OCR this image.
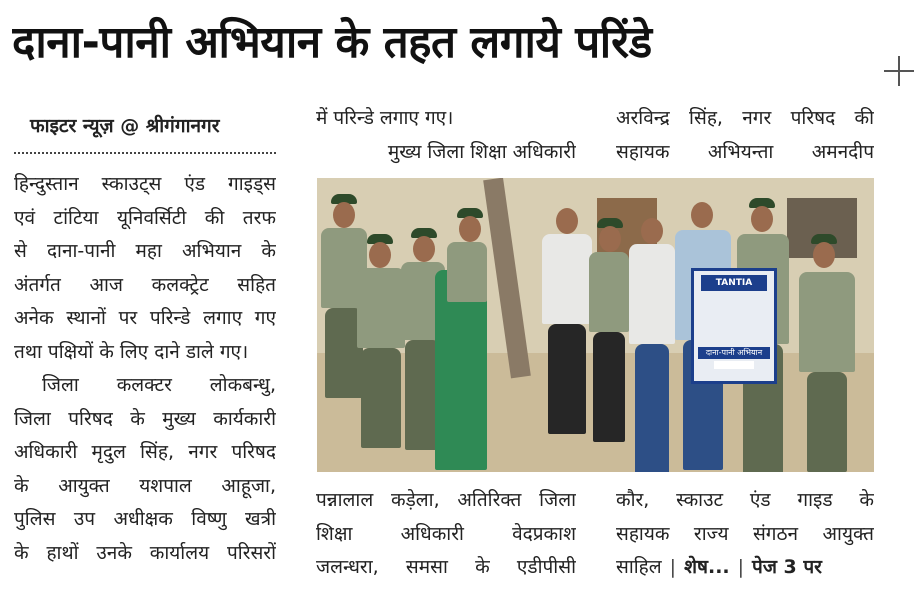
दाना-पानी अभियान के तहत लगाये परिंडे
फाइटर न्यूज़ @ श्रीगंगानगर
हिन्दुस्तान स्काउट्स एंड गाइड्स
एवं टांटिया यूनिवर्सिटी की तरफ
से दाना-पानी महा अभियान के
अंतर्गत आज कलक्ट्रेट सहित
अनेक स्थानों पर परिन्डे लगाए गए
तथा पक्षियों के लिए दाने डाले गए।
जिला कलक्टर लोकबन्धु,
जिला परिषद के मुख्य कार्यकारी
अधिकारी मृदुल सिंह, नगर परिषद
के आयुक्त यशपाल आहूजा,
पुलिस उप अधीक्षक विष्णु खत्री
के हाथों उनके कार्यालय परिसरों
में परिन्डे लगाए गए।
मुख्य जिला शिक्षा अधिकारी
अरविन्द्र सिंह, नगर परिषद की
सहायक अभियन्ता अमनदीप
TANTIA
दाना-पानी अभियान
पन्नालाल कड़ेला, अतिरिक्त जिला
शिक्षा अधिकारी वेदप्रकाश
जलन्धरा, समसा के एडीपीसी
कौर, स्काउट एंड गाइड के
सहायक राज्य संगठन आयुक्त
साहिल | शेष... | पेज 3 पर
